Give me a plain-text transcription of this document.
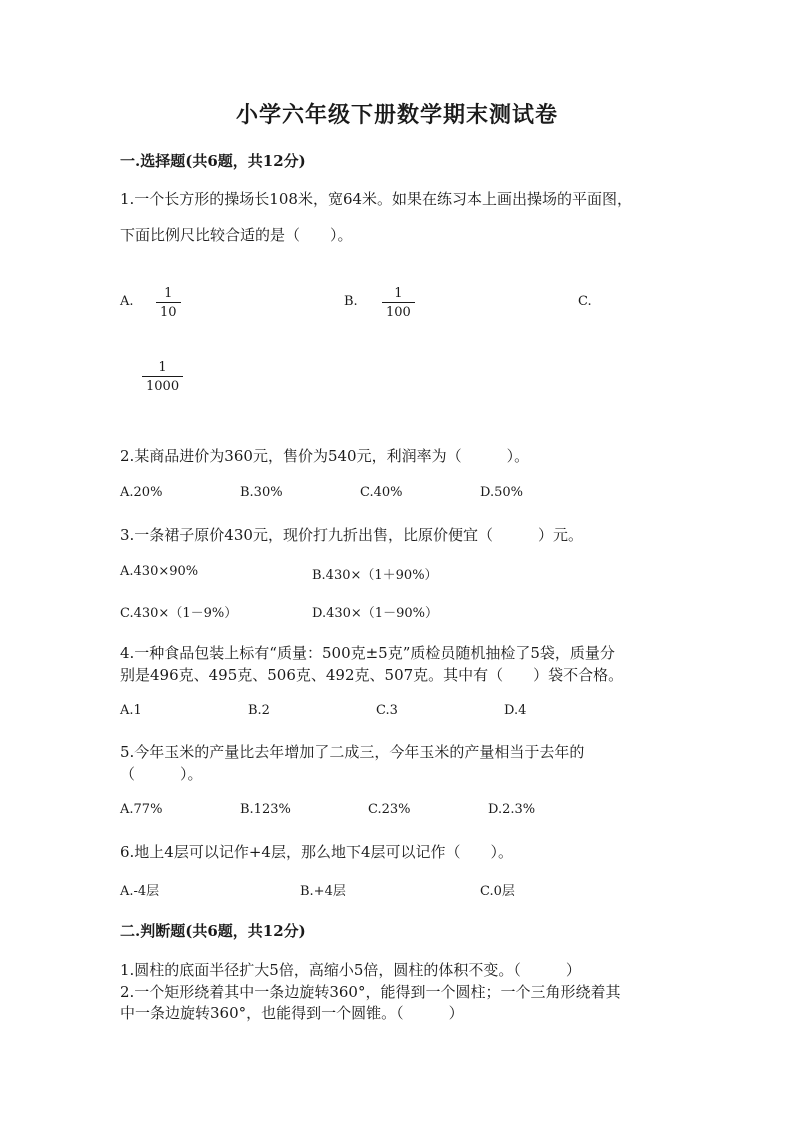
小学六年级下册数学期末测试卷
一.选择题(共6题，共12分)
1.一个长方形的操场长108米，宽64米。如果在练习本上画出操场的平面图，
下面比例尺比较合适的是（　　）。
A.
1
10
B.
1
100
C.
1
1000
2.某商品进价为360元，售价为540元，利润率为（　　　）。
A.20%	B.30%	C.40%	D.50%
3.一条裙子原价430元，现价打九折出售，比原价便宜（　　　）元。
A.430×90%	B.430×（1＋90%）
C.430×（1－9%）	D.430×（1－90%）
4.一种食品包装上标有“质量：500克±5克”质检员随机抽检了5袋，质量分
别是496克、495克、506克、492克、507克。其中有（　　）袋不合格。
A.1	B.2	C.3	D.4
5.今年玉米的产量比去年增加了二成三，今年玉米的产量相当于去年的
（　　　）。
A.77%	B.123%	C.23%	D.2.3%
6.地上4层可以记作+4层，那么地下4层可以记作（　　）。
A.-4层	B.+4层	C.0层
二.判断题(共6题，共12分)
1.圆柱的底面半径扩大5倍，高缩小5倍，圆柱的体积不变。（　　　）
2.一个矩形绕着其中一条边旋转360°，能得到一个圆柱；一个三角形绕着其
中一条边旋转360°，也能得到一个圆锥。（　　　）
